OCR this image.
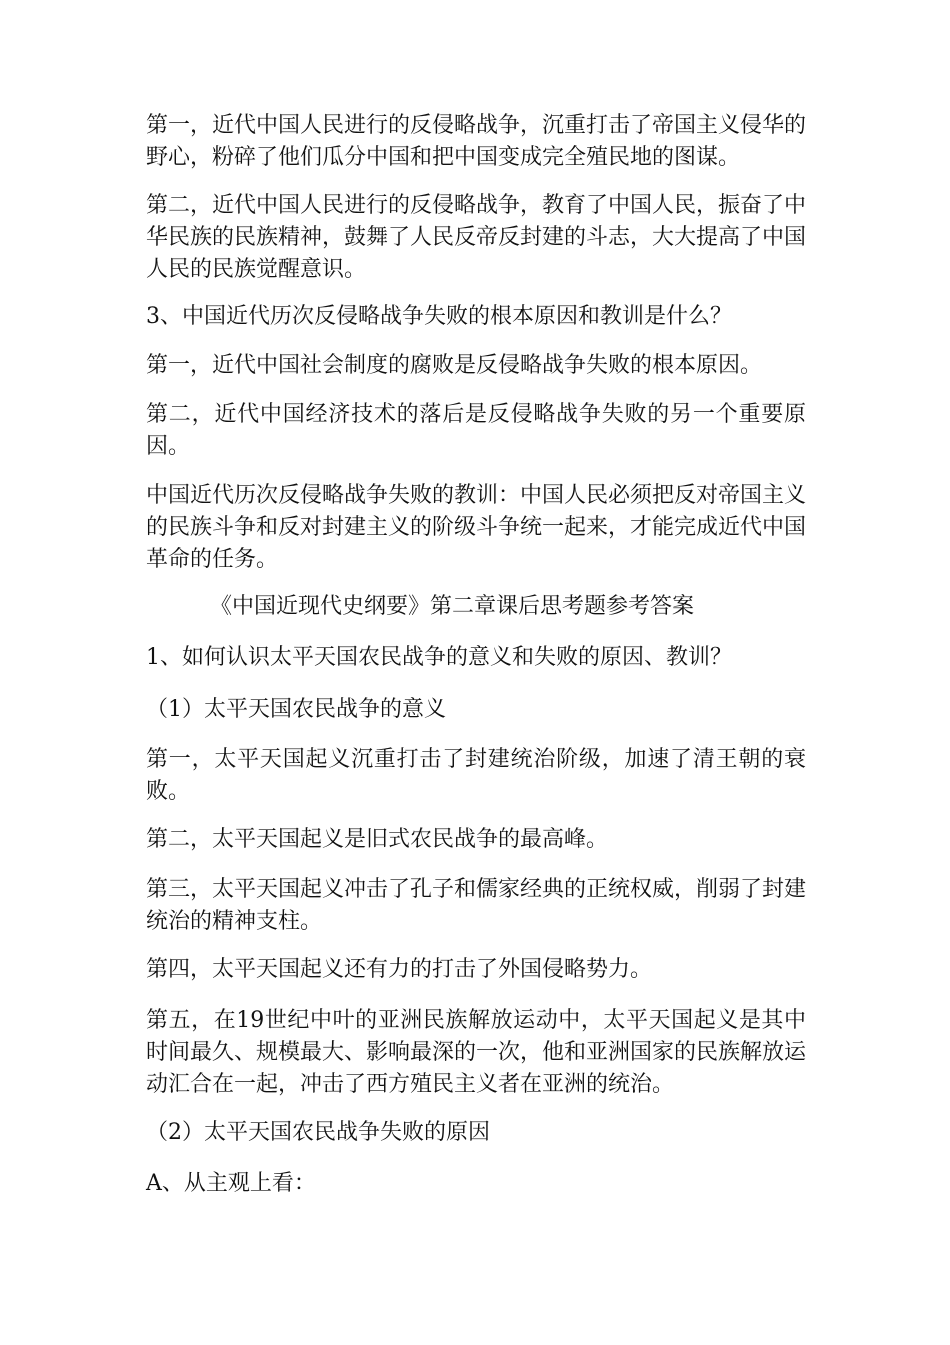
第一，近代中国人民进行的反侵略战争，沉重打击了帝国主义侵华的野心，粉碎了他们瓜分中国和把中国变成完全殖民地的图谋。

第二，近代中国人民进行的反侵略战争，教育了中国人民，振奋了中华民族的民族精神，鼓舞了人民反帝反封建的斗志，大大提高了中国人民的民族觉醒意识。

3、中国近代历次反侵略战争失败的根本原因和教训是什么？

第一，近代中国社会制度的腐败是反侵略战争失败的根本原因。

第二，近代中国经济技术的落后是反侵略战争失败的另一个重要原因。

中国近代历次反侵略战争失败的教训：中国人民必须把反对帝国主义的民族斗争和反对封建主义的阶级斗争统一起来，才能完成近代中国革命的任务。

《中国近现代史纲要》第二章课后思考题参考答案

1、如何认识太平天国农民战争的意义和失败的原因、教训？

（1）太平天国农民战争的意义

第一，太平天国起义沉重打击了封建统治阶级，加速了清王朝的衰败。

第二，太平天国起义是旧式农民战争的最高峰。

第三，太平天国起义冲击了孔子和儒家经典的正统权威，削弱了封建统治的精神支柱。

第四，太平天国起义还有力的打击了外国侵略势力。

第五，在19世纪中叶的亚洲民族解放运动中，太平天国起义是其中时间最久、规模最大、影响最深的一次，他和亚洲国家的民族解放运动汇合在一起，冲击了西方殖民主义者在亚洲的统治。

（2）太平天国农民战争失败的原因

A、从主观上看：
